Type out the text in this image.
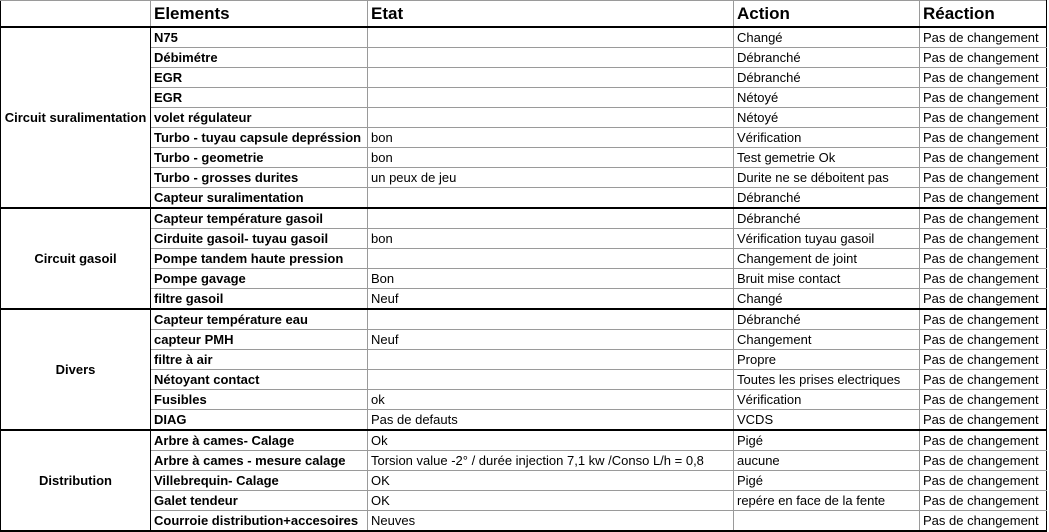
	Elements	Etat	Action	Réaction
Circuit suralimentation	N75		Changé	Pas de changement
	Débimétre		Débranché	Pas de changement
	EGR		Débranché	Pas de changement
	EGR		Nétoyé	Pas de changement
	volet régulateur		Nétoyé	Pas de changement
	Turbo - tuyau capsule depréssion	bon	Vérification	Pas de changement
	Turbo - geometrie	bon	Test gemetrie Ok	Pas de changement
	Turbo - grosses durites	un peux de jeu	Durite ne se déboitent pas	Pas de changement
	Capteur suralimentation		Débranché	Pas de changement
Circuit gasoil	Capteur température gasoil		Débranché	Pas de changement
	Cirduite gasoil- tuyau gasoil	bon	Vérification tuyau gasoil	Pas de changement
	Pompe tandem haute pression		Changement de joint	Pas de changement
	Pompe gavage	Bon	Bruit mise contact	Pas de changement
	filtre gasoil	Neuf	Changé	Pas de changement
Divers	Capteur température eau		Débranché	Pas de changement
	capteur PMH	Neuf	Changement	Pas de changement
	filtre à air		Propre	Pas de changement
	Nétoyant contact		Toutes les prises electriques	Pas de changement
	Fusibles	ok	Vérification	Pas de changement
	DIAG	Pas de defauts	VCDS	Pas de changement
Distribution	Arbre à cames- Calage	Ok	Pigé	Pas de changement
	Arbre à cames - mesure calage	Torsion value -2° / durée injection 7,1 kw /Conso L/h = 0,8	aucune	Pas de changement
	Villebrequin- Calage	OK	Pigé	Pas de changement
	Galet tendeur	OK	repére en face de la fente	Pas de changement
	Courroie distribution+accesoires	Neuves		Pas de changement
